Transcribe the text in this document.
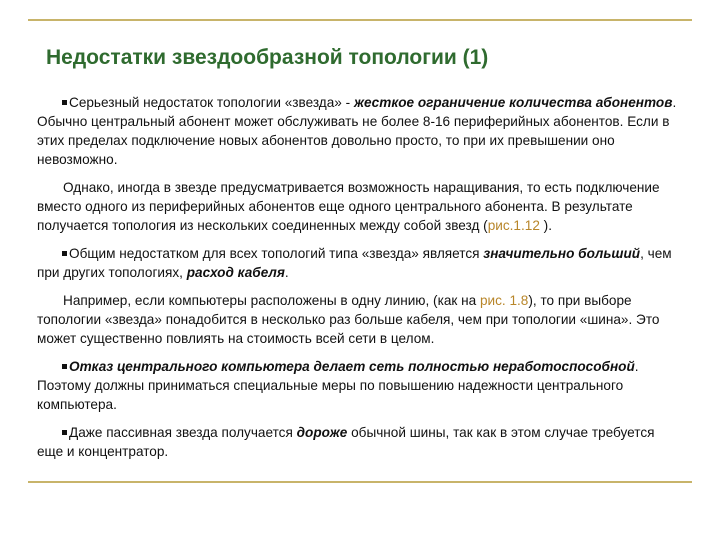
Недостатки звездообразной топологии (1)

Серьезный недостаток топологии «звезда» - жесткое ограничение количества абонентов. Обычно центральный абонент может обслуживать не более 8-16 периферийных абонентов. Если в этих пределах подключение новых абонентов довольно просто, то при их превышении оно невозможно.

Однако, иногда в звезде предусматривается возможность наращивания, то есть подключение вместо одного из периферийных абонентов еще одного центрального абонента. В результате получается топология из нескольких соединенных между собой звезд (рис.1.12 ).

Общим недостатком для всех топологий типа «звезда» является значительно больший, чем при других топологиях, расход кабеля.

Например, если компьютеры расположены в одну линию, (как на рис. 1.8), то при выборе топологии «звезда» понадобится в несколько раз больше кабеля, чем при топологии «шина». Это может существенно повлиять на стоимость всей сети в целом.

Отказ центрального компьютера делает сеть полностью неработоспособной. Поэтому должны приниматься специальные меры по повышению надежности центрального компьютера.

Даже пассивная звезда получается дороже обычной шины, так как в этом случае требуется еще и концентратор.
